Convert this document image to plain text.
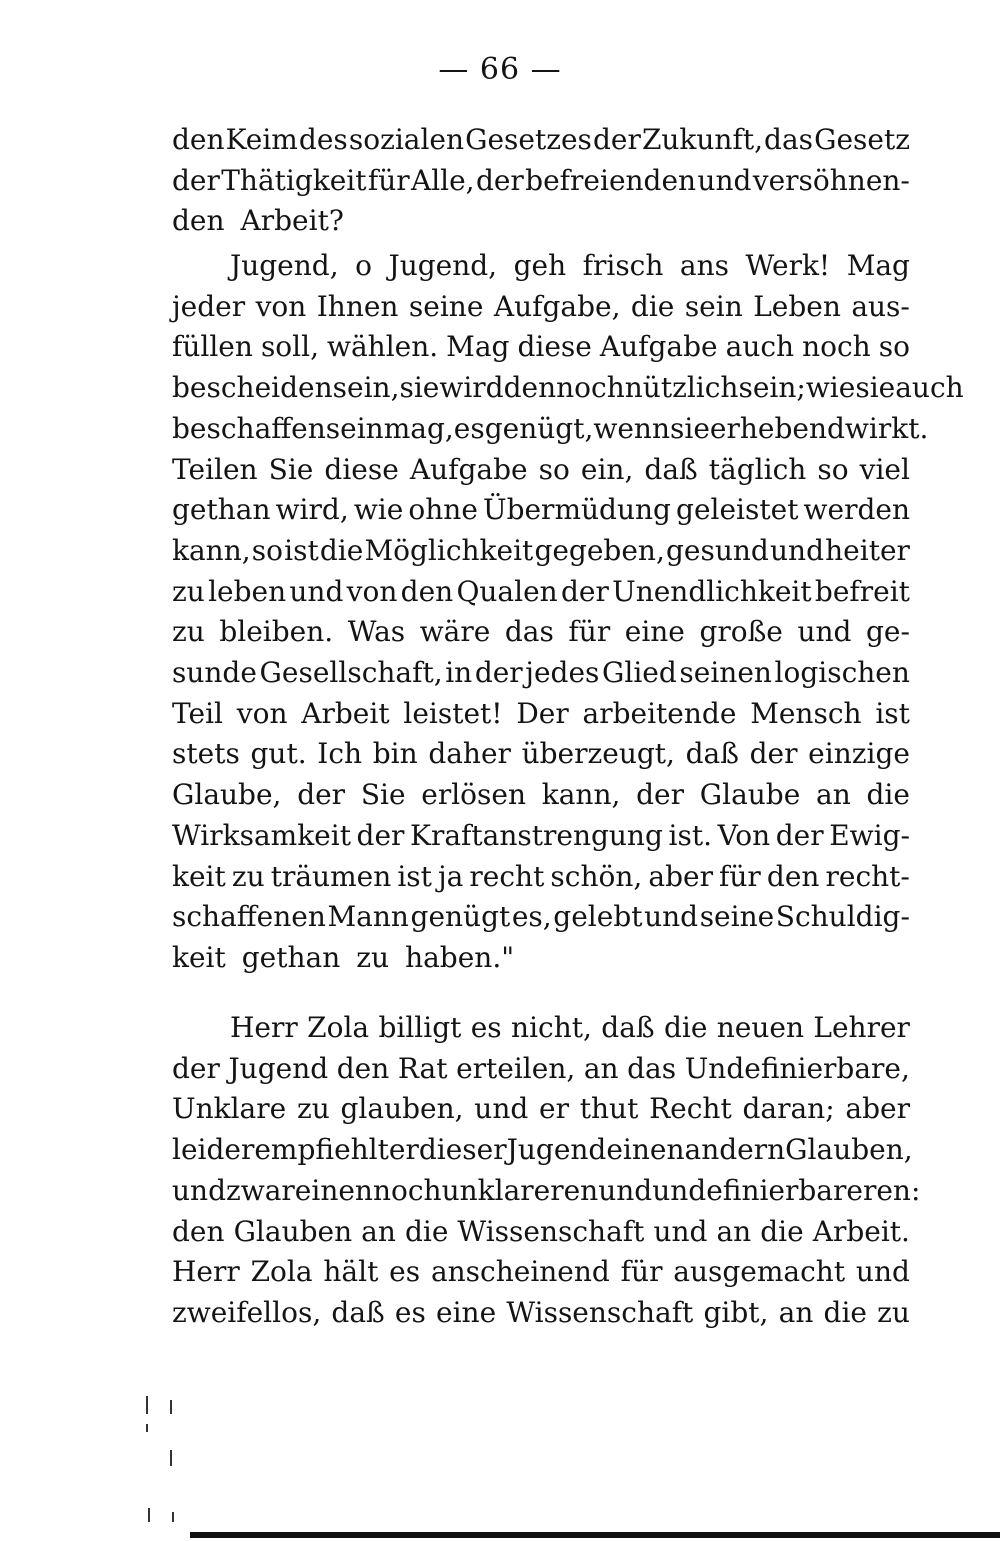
— 66 —
den Keim des sozialen Gesetzes der Zukunft, das Gesetz
der Thätigkeit für Alle, der befreienden und versöhnen-
den Arbeit?
Jugend, o Jugend, geh frisch ans Werk! Mag
jeder von Ihnen seine Aufgabe, die sein Leben aus-
füllen soll, wählen. Mag diese Aufgabe auch noch so
bescheiden sein, sie wird dennoch nützlich sein; wie sie auch
beschaffen sein mag, es genügt, wenn sie erhebend wirkt.
Teilen Sie diese Aufgabe so ein, daß täglich so viel
gethan wird, wie ohne Übermüdung geleistet werden
kann, so ist die Möglichkeit gegeben, gesund und heiter
zu leben und von den Qualen der Unendlichkeit befreit
zu bleiben. Was wäre das für eine große und ge-
sunde Gesellschaft, in der jedes Glied seinen logischen
Teil von Arbeit leistet! Der arbeitende Mensch ist
stets gut. Ich bin daher überzeugt, daß der einzige
Glaube, der Sie erlösen kann, der Glaube an die
Wirksamkeit der Kraftanstrengung ist. Von der Ewig-
keit zu träumen ist ja recht schön, aber für den recht-
schaffenen Mann genügt es, gelebt und seine Schuldig-
keit gethan zu haben."
Herr Zola billigt es nicht, daß die neuen Lehrer
der Jugend den Rat erteilen, an das Undefinierbare,
Unklare zu glauben, und er thut Recht daran; aber
leider empfiehlt er dieser Jugend einen andern Glauben,
und zwar einen noch unklareren und undefinierbareren:
den Glauben an die Wissenschaft und an die Arbeit.
Herr Zola hält es anscheinend für ausgemacht und
zweifellos, daß es eine Wissenschaft gibt, an die zu
